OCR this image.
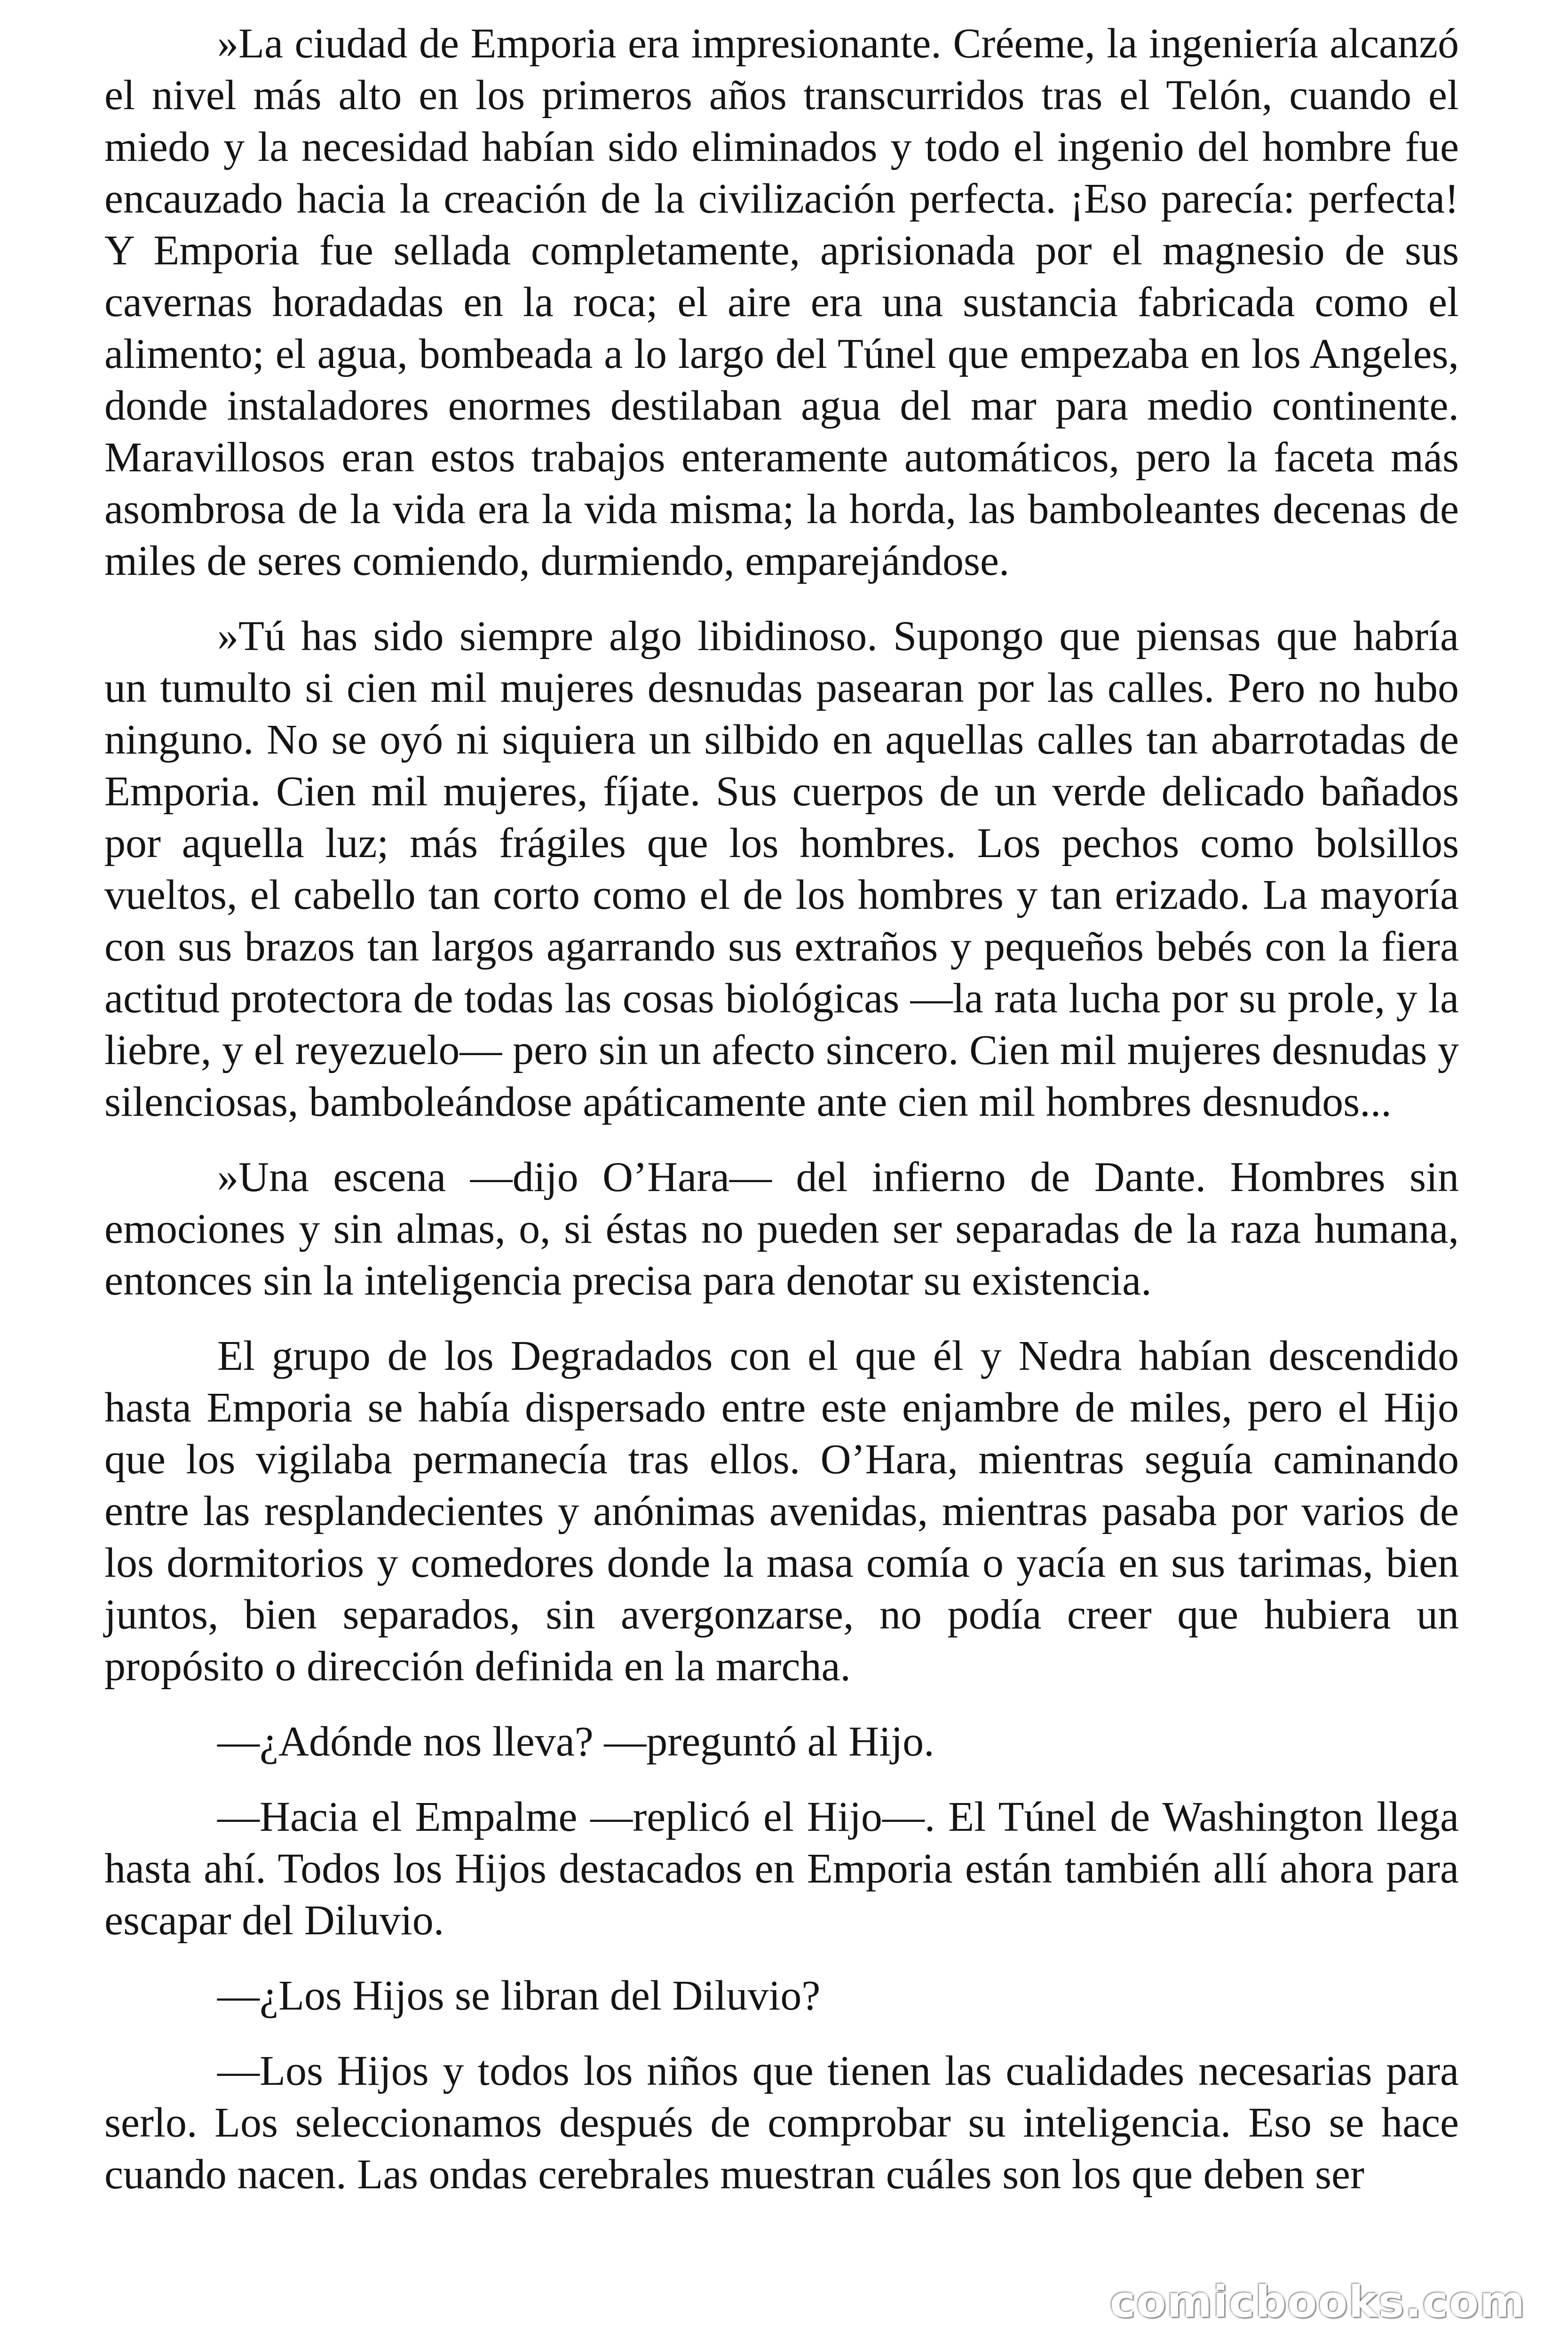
»La ciudad de Emporia era impresionante. Créeme, la ingeniería alcanzó el nivel más alto en los primeros años transcurridos tras el Telón, cuando el miedo y la necesidad habían sido eliminados y todo el ingenio del hombre fue encauzado hacia la creación de la civilización perfecta. ¡Eso parecía: perfecta! Y Emporia fue sellada completamente, aprisionada por el magnesio de sus cavernas horadadas en la roca; el aire era una sustancia fabricada como el alimento; el agua, bombeada a lo largo del Túnel que empezaba en los Angeles, donde instaladores enormes destilaban agua del mar para medio continente. Maravillosos eran estos trabajos enteramente automáticos, pero la faceta más asombrosa de la vida era la vida misma; la horda, las bamboleantes decenas de miles de seres comiendo, durmiendo, emparejándose.

»Tú has sido siempre algo libidinoso. Supongo que piensas que habría un tumulto si cien mil mujeres desnudas pasearan por las calles. Pero no hubo ninguno. No se oyó ni siquiera un silbido en aquellas calles tan abarrotadas de Emporia. Cien mil mujeres, fíjate. Sus cuerpos de un verde delicado bañados por aquella luz; más frágiles que los hombres. Los pechos como bolsillos vueltos, el cabello tan corto como el de los hombres y tan erizado. La mayoría con sus brazos tan largos agarrando sus extraños y pequeños bebés con la fiera actitud protectora de todas las cosas biológicas —la rata lucha por su prole, y la liebre, y el reyezuelo— pero sin un afecto sincero. Cien mil mujeres desnudas y silenciosas, bamboleándose apáticamente ante cien mil hombres desnudos...

»Una escena —dijo O’Hara— del infierno de Dante. Hombres sin emociones y sin almas, o, si éstas no pueden ser separadas de la raza humana, entonces sin la inteligencia precisa para denotar su existencia.

El grupo de los Degradados con el que él y Nedra habían descendido hasta Emporia se había dispersado entre este enjambre de miles, pero el Hijo que los vigilaba permanecía tras ellos. O’Hara, mientras seguía caminando entre las resplandecientes y anónimas avenidas, mientras pasaba por varios de los dormitorios y comedores donde la masa comía o yacía en sus tarimas, bien juntos, bien separados, sin avergonzarse, no podía creer que hubiera un propósito o dirección definida en la marcha.

—¿Adónde nos lleva? —preguntó al Hijo.

—Hacia el Empalme —replicó el Hijo—. El Túnel de Washington llega hasta ahí. Todos los Hijos destacados en Emporia están también allí ahora para escapar del Diluvio.

—¿Los Hijos se libran del Diluvio?

—Los Hijos y todos los niños que tienen las cualidades necesarias para serlo. Los seleccionamos después de comprobar su inteligencia. Eso se hace cuando nacen. Las ondas cerebrales muestran cuáles son los que deben ser

comicbooks.com
